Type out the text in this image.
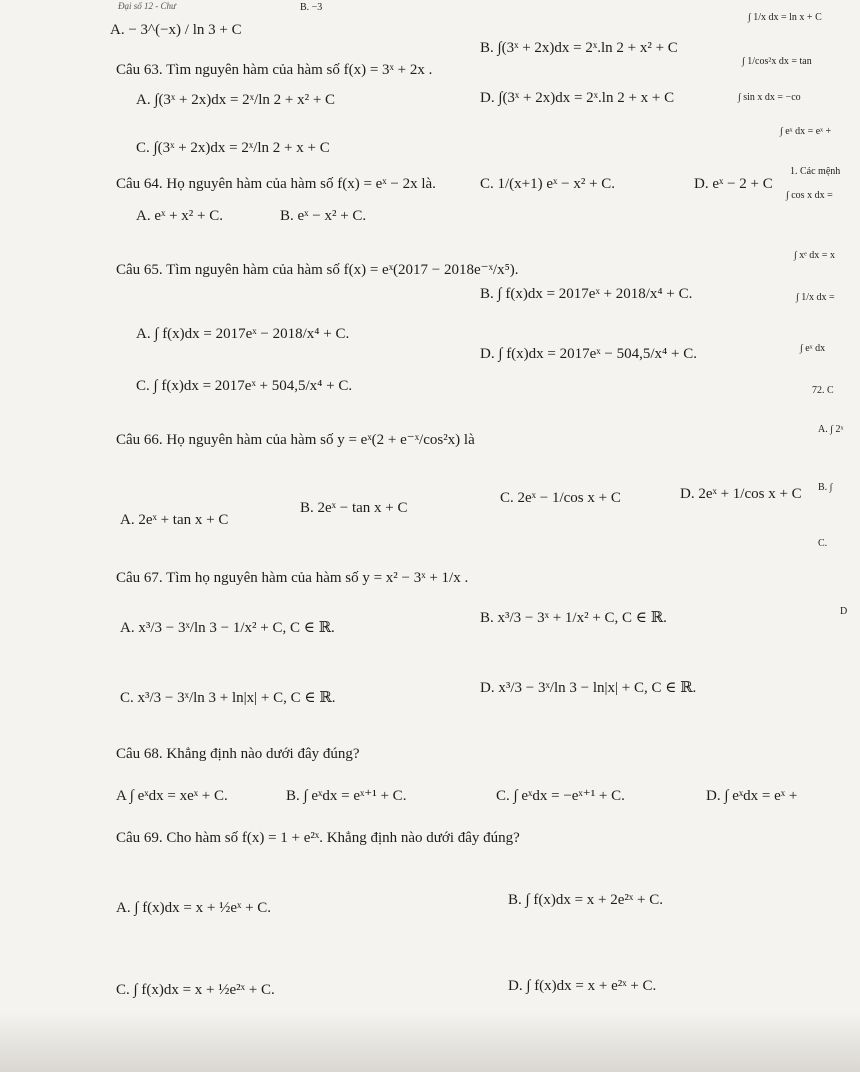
Đại số 12 - Chư	B. −3
A. − 3^(−x) / ln 3 + C
∫ 1/x dx = ln x + C
∫ 1/cos²x dx = tan
∫ sin x dx = −co
∫ eˣ dx = eˣ +
1. Các mệnh
∫ cos x dx =
∫ xᵉ dx = x
∫ 1/x dx =
∫ eˣ dx
72. C
A. ∫ 2ˣ
B. ∫
C.
D
Câu 63. Tìm nguyên hàm của hàm số f(x) = 3ˣ + 2x .
B. ∫(3ˣ + 2x)dx = 2ˣ.ln 2 + x² + C
A. ∫(3ˣ + 2x)dx = 2ˣ/ln 2 + x² + C	D. ∫(3ˣ + 2x)dx = 2ˣ.ln 2 + x + C
C. ∫(3ˣ + 2x)dx = 2ˣ/ln 2 + x + C
Câu 64. Họ nguyên hàm của hàm số f(x) = eˣ − 2x là.	C. 1/(x+1) eˣ − x² + C.	D. eˣ − 2 + C
A. eˣ + x² + C.	B. eˣ − x² + C.
Câu 65. Tìm nguyên hàm của hàm số f(x) = eˣ(2017 − 2018e⁻ˣ/x⁵).
B. ∫ f(x)dx = 2017eˣ + 2018/x⁴ + C.
A. ∫ f(x)dx = 2017eˣ − 2018/x⁴ + C.
D. ∫ f(x)dx = 2017eˣ − 504,5/x⁴ + C.
C. ∫ f(x)dx = 2017eˣ + 504,5/x⁴ + C.
Câu 66. Họ nguyên hàm của hàm số y = eˣ(2 + e⁻ˣ/cos²x) là
A. 2eˣ + tan x + C
B. 2eˣ − tan x + C
C. 2eˣ − 1/cos x + C	D. 2eˣ + 1/cos x + C
Câu 67. Tìm họ nguyên hàm của hàm số y = x² − 3ˣ + 1/x .
A. x³/3 − 3ˣ/ln 3 − 1/x² + C, C ∈ ℝ.
B. x³/3 − 3ˣ + 1/x² + C, C ∈ ℝ.
C. x³/3 − 3ˣ/ln 3 + ln|x| + C, C ∈ ℝ.
D. x³/3 − 3ˣ/ln 3 − ln|x| + C, C ∈ ℝ.
Câu 68. Khẳng định nào dưới đây đúng?
A ∫ eˣdx = xeˣ + C.	B. ∫ eˣdx = eˣ⁺¹ + C.	C. ∫ eˣdx = −eˣ⁺¹ + C.	D. ∫ eˣdx = eˣ +
Câu 69. Cho hàm số f(x) = 1 + e²ˣ. Khẳng định nào dưới đây đúng?
A. ∫ f(x)dx = x + ½eˣ + C.	B. ∫ f(x)dx = x + 2e²ˣ + C.
C. ∫ f(x)dx = x + ½e²ˣ + C.	D. ∫ f(x)dx = x + e²ˣ + C.
